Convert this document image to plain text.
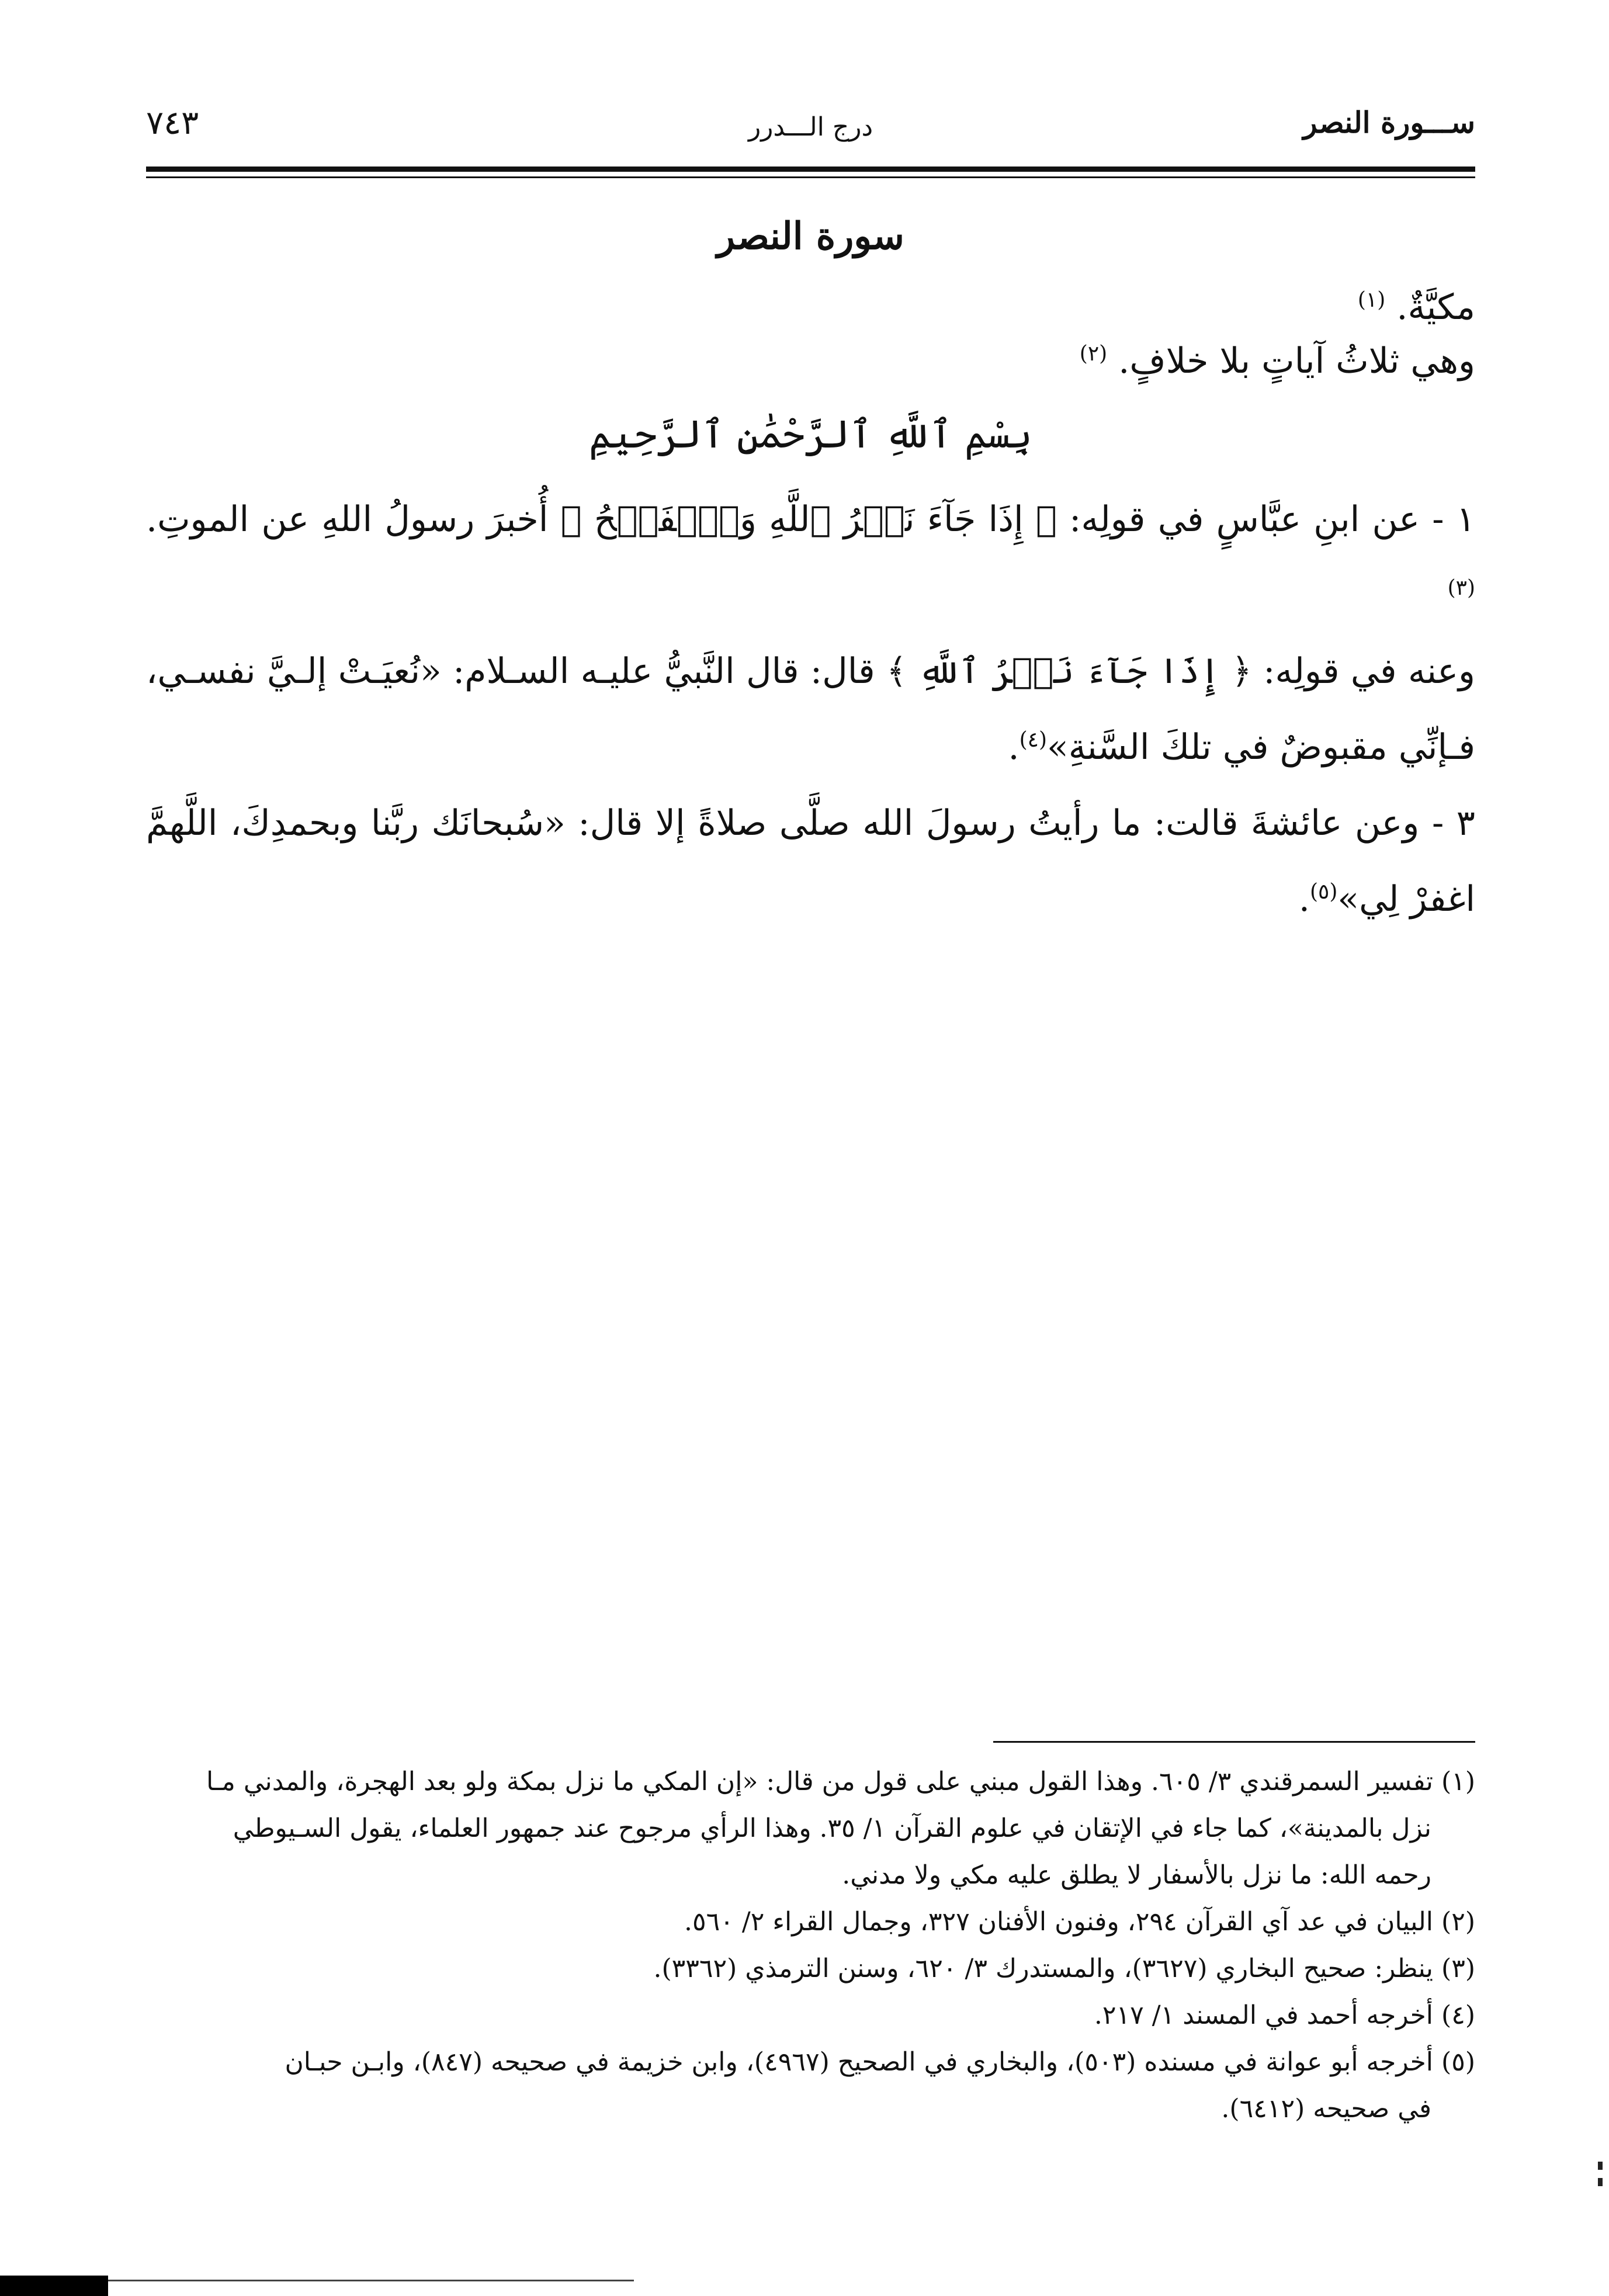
ســـورة النصر
درج الـــدرر
٧٤٣
سورة النصر
مكيَّةٌ. $^{(١)}$
وهي ثلاثُ آياتٍ بلا خلافٍ. $^{(٢)}$
بِسْمِ ٱللَّهِ ٱلرَّحْمَٰنِ ٱلرَّحِيمِ
١ - عن ابنِ عبَّاسٍ في قولِه: ﴿ إِذَا جَآءَ نَصۡرُ ٱللَّهِ وَٱلۡفَتۡحُ ﴾ أُخبرَ رسولُ اللهِ عن الموتِ.$^{(٣)}$
وعنه في قولِه: ﴿ إِذَا جَآءَ نَصۡرُ ٱللَّهِ ﴾ قال: قال النَّبيُّ عليـه السـلام: «نُعيَـتْ إلـيَّ نفسـي، فـإنِّي مقبوضٌ في تلكَ السَّنةِ»$^{(٤)}$.
٣ - وعن عائشةَ قالت: ما رأيتُ رسولَ الله صلَّى صلاةً إلا قال: «سُبحانَك ربَّنا وبحمدِكَ، اللَّهمَّ اغفرْ لِي»$^{(٥)}$.
(١) تفسير السمرقندي ٣/ ٦٠٥. وهذا القول مبني على قول من قال: «إن المكي ما نزل بمكة ولو بعد الهجرة، والمدني مـا
نزل بالمدينة»، كما جاء في الإتقان في علوم القرآن ١/ ٣٥. وهذا الرأي مرجوح عند جمهور العلماء، يقول السـيوطي
رحمه الله: ما نزل بالأسفار لا يطلق عليه مكي ولا مدني.
(٢) البيان في عد آي القرآن ٢٩٤، وفنون الأفنان ٣٢٧، وجمال القراء ٢/ ٥٦٠.
(٣) ينظر: صحيح البخاري (٣٦٢٧)، والمستدرك ٣/ ٦٢٠، وسنن الترمذي (٣٣٦٢).
(٤) أخرجه أحمد في المسند ١/ ٢١٧.
(٥) أخرجه أبو عوانة في مسنده (٥٠٣)، والبخاري في الصحيح (٤٩٦٧)، وابن خزيمة في صحيحه (٨٤٧)، وابـن حبـان
في صحيحه (٦٤١٢).
